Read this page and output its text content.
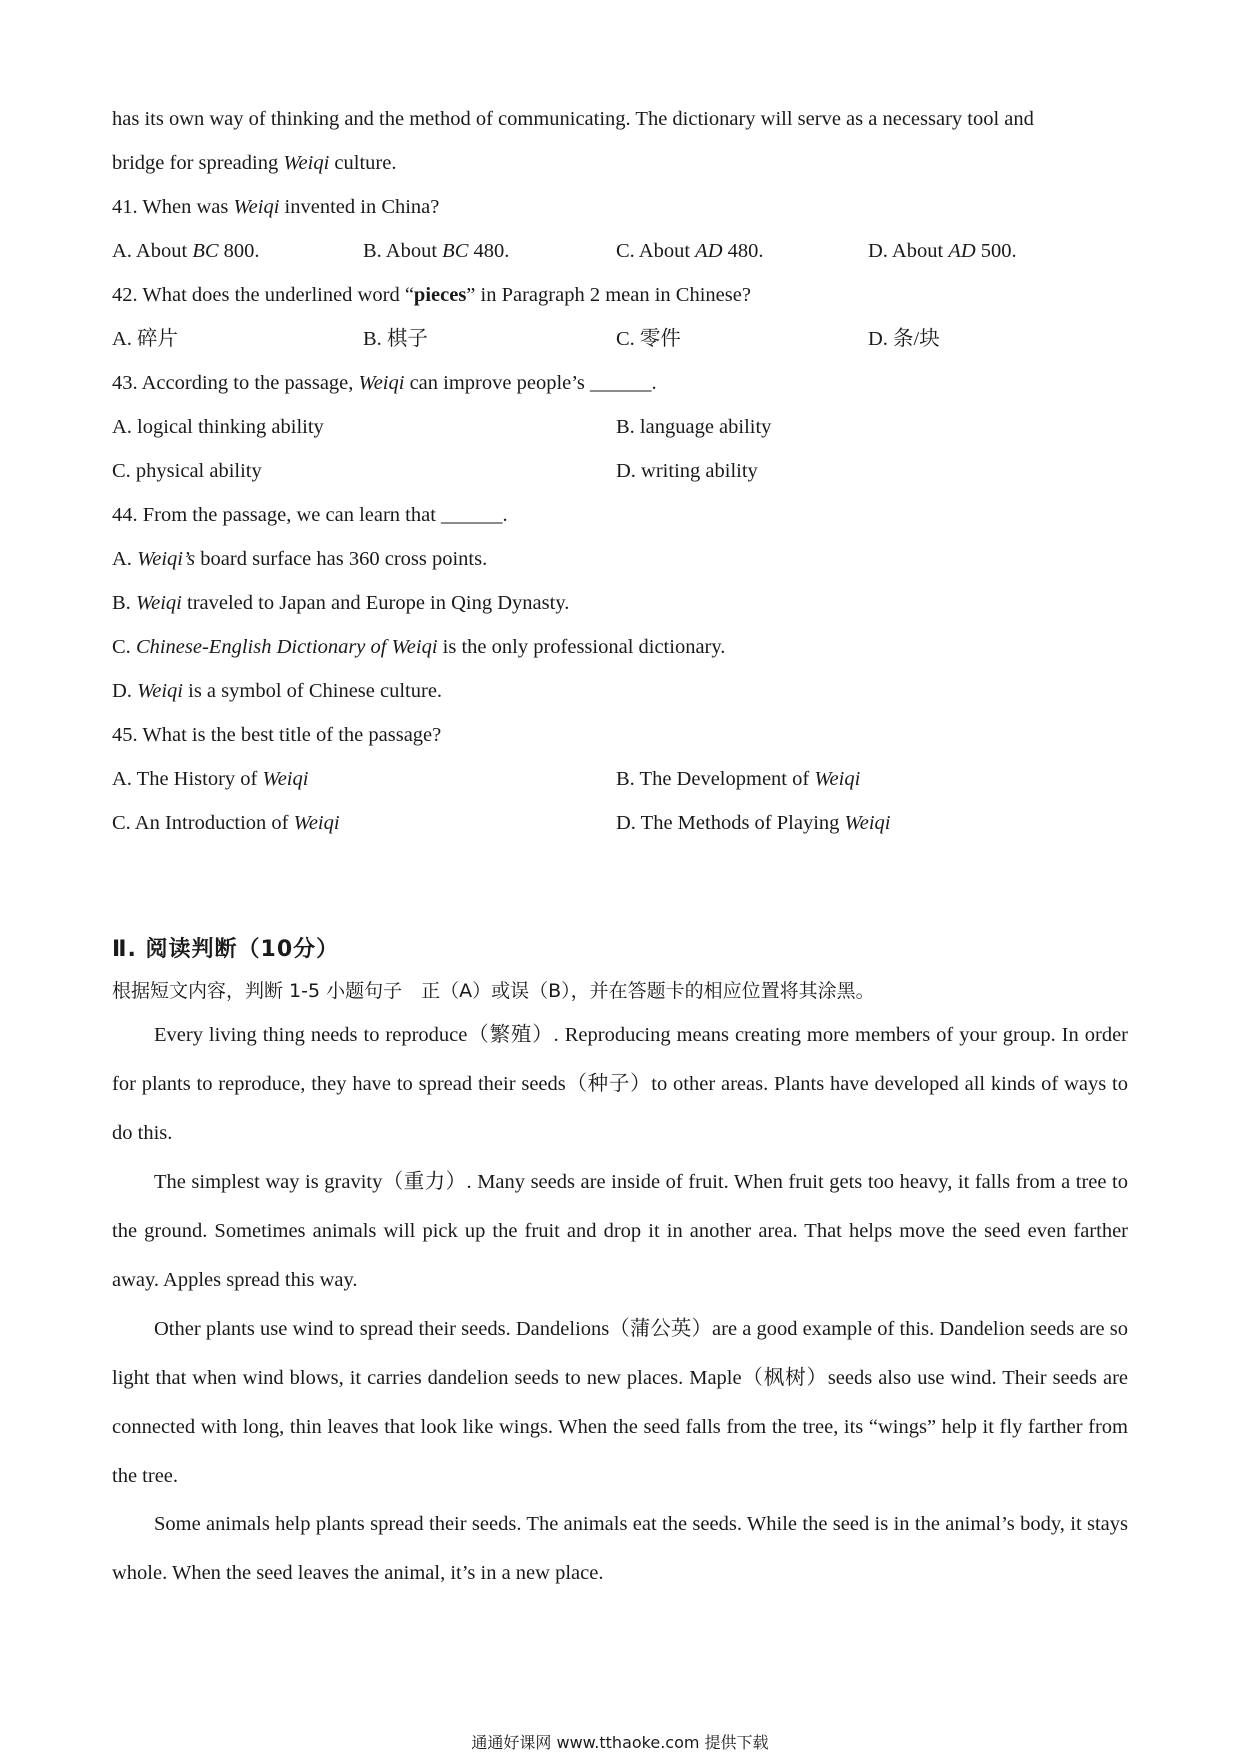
has its own way of thinking and the method of communicating. The dictionary will serve as a necessary tool and
bridge for spreading Weiqi culture.
41. When was Weiqi invented in China?
A. About BC 800.	B. About BC 480.	C. About AD 480.	D. About AD 500.
42. What does the underlined word “pieces” in Paragraph 2 mean in Chinese?
A. 碎片	B. 棋子	C. 零件	D. 条/块
43. According to the passage, Weiqi can improve people’s ______.
A. logical thinking ability	B. language ability
C. physical ability	D. writing ability
44. From the passage, we can learn that ______.
A. Weiqi’s board surface has 360 cross points.
B. Weiqi traveled to Japan and Europe in Qing Dynasty.
C. Chinese-English Dictionary of Weiqi is the only professional dictionary.
D. Weiqi is a symbol of Chinese culture.
45. What is the best title of the passage?
A. The History of Weiqi	B. The Development of Weiqi
C. An Introduction of Weiqi	D. The Methods of Playing Weiqi
Ⅱ. 阅读判断（10分）
根据短文内容，判断 1-5 小题句子　正（A）或误（B），并在答题卡的相应位置将其涂黑。
Every living thing needs to reproduce（繁殖）. Reproducing means creating more members of your group. In order for plants to reproduce, they have to spread their seeds（种子）to other areas. Plants have developed all kinds of ways to do this.
The simplest way is gravity（重力）. Many seeds are inside of fruit. When fruit gets too heavy, it falls from a tree to the ground. Sometimes animals will pick up the fruit and drop it in another area. That helps move the seed even farther away. Apples spread this way.
Other plants use wind to spread their seeds. Dandelions（蒲公英）are a good example of this. Dandelion seeds are so light that when wind blows, it carries dandelion seeds to new places. Maple（枫树）seeds also use wind. Their seeds are connected with long, thin leaves that look like wings. When the seed falls from the tree, its “wings” help it fly farther from the tree.
Some animals help plants spread their seeds. The animals eat the seeds. While the seed is in the animal’s body, it stays whole. When the seed leaves the animal, it’s in a new place.
通通好课网 www.tthaoke.com 提供下载
